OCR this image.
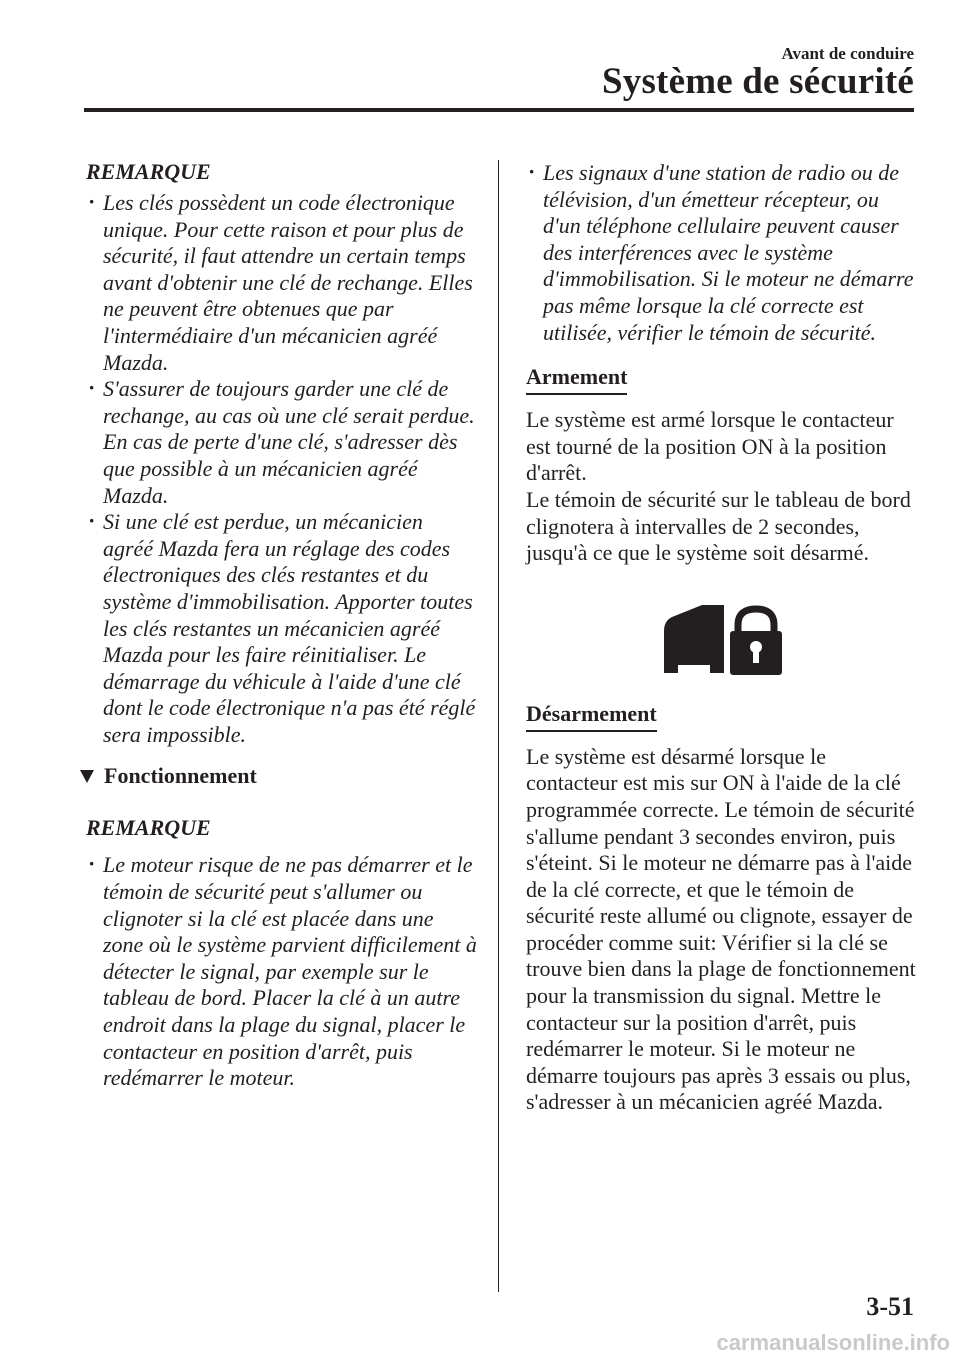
Avant de conduire
Système de sécurité
REMARQUE
· Les clés possèdent un code électronique unique. Pour cette raison et pour plus de sécurité, il faut attendre un certain temps avant d'obtenir une clé de rechange. Elles ne peuvent être obtenues que par l'intermédiaire d'un mécanicien agréé Mazda.
· S'assurer de toujours garder une clé de rechange, au cas où une clé serait perdue. En cas de perte d'une clé, s'adresser dès que possible à un mécanicien agréé Mazda.
· Si une clé est perdue, un mécanicien agréé Mazda fera un réglage des codes électroniques des clés restantes et du système d'immobilisation. Apporter toutes les clés restantes un mécanicien agréé Mazda pour les faire réinitialiser. Le démarrage du véhicule à l'aide d'une clé dont le code électronique n'a pas été réglé sera impossible.
Fonctionnement
REMARQUE
· Le moteur risque de ne pas démarrer et le témoin de sécurité peut s'allumer ou clignoter si la clé est placée dans une zone où le système parvient difficilement à détecter le signal, par exemple sur le tableau de bord. Placer la clé à un autre endroit dans la plage du signal, placer le contacteur en position d'arrêt, puis redémarrer le moteur.
· Les signaux d'une station de radio ou de télévision, d'un émetteur récepteur, ou d'un téléphone cellulaire peuvent causer des interférences avec le système d'immobilisation. Si le moteur ne démarre pas même lorsque la clé correcte est utilisée, vérifier le témoin de sécurité.
Armement

Le système est armé lorsque le contacteur est tourné de la position ON à la position d'arrêt.

Le témoin de sécurité sur le tableau de bord clignotera à intervalles de 2 secondes, jusqu'à ce que le système soit désarmé.

Désarmement

Le système est désarmé lorsque le contacteur est mis sur ON à l'aide de la clé programmée correcte. Le témoin de sécurité s'allume pendant 3 secondes environ, puis s'éteint. Si le moteur ne démarre pas à l'aide de la clé correcte, et que le témoin de sécurité reste allumé ou clignote, essayer de procéder comme suit: Vérifier si la clé se trouve bien dans la plage de fonctionnement pour la transmission du signal. Mettre le contacteur sur la position d'arrêt, puis redémarrer le moteur. Si le moteur ne démarre toujours pas après 3 essais ou plus, s'adresser à un mécanicien agréé Mazda.

3-51
carmanualsonline.info
